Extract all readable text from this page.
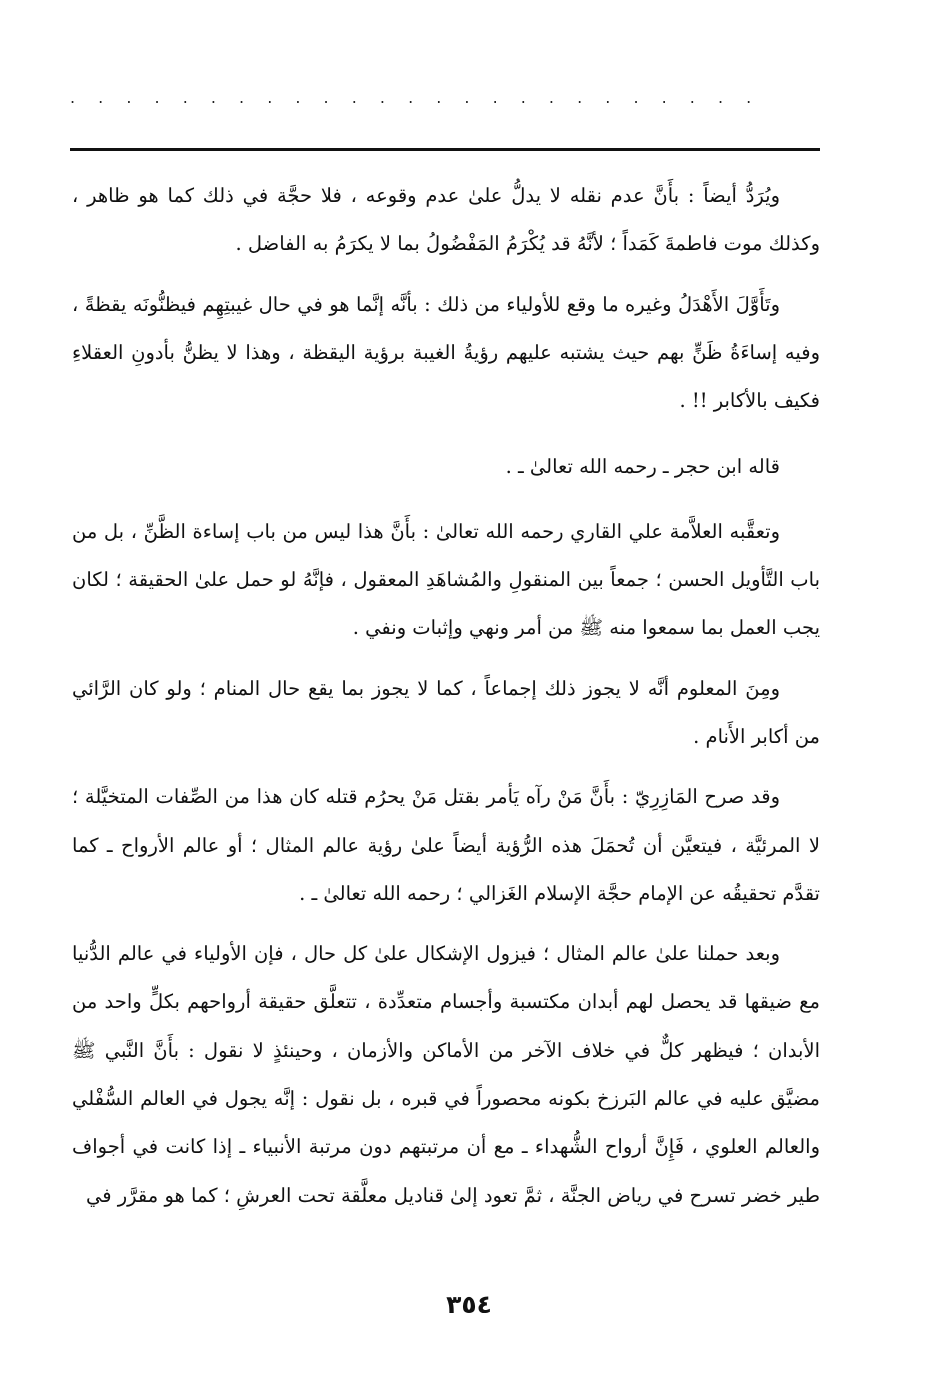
. . . . . . . . . . . . . . . . . . . . . . . . .

ويُرَدُّ أيضاً : بأَنَّ عدم نقله لا يدلُّ علىٰ عدم وقوعه ، فلا حجَّة في ذلك كما هو ظاهر ، وكذلك موت فاطمةَ كَمَداً ؛ لأنَّهُ قد يُكْرَمُ المَفْضُولُ بما لا يكرَمُ به الفاضل .

وتَأَوَّلَ الأَهْدَلُ وغيره ما وقع للأولياء من ذلك : بأنَّه إنَّما هو في حال غيبتِهِم فيظنُّونَه يقظةً ، وفيه إساءَةُ ظَنٍّ بهم حيث يشتبه عليهم رؤيةُ الغيبة برؤية اليقظة ، وهذا لا يظنُّ بأدونِ العقلاءِ فكيف بالأكابر !! .

قاله ابن حجر ـ رحمه الله تعالىٰ ـ .

وتعقَّبه العلاَّمة علي القاري رحمه الله تعالىٰ : بأَنَّ هذا ليس من باب إساءة الظَّنِّ ، بل من باب التَّأويل الحسن ؛ جمعاً بين المنقولِ والمُشاهَدِ المعقول ، فإنَّهُ لو حمل علىٰ الحقيقة ؛ لكان يجب العمل بما سمعوا منه ﷺ من أمر ونهي وإثبات ونفي .

ومِنَ المعلوم أنَّه لا يجوز ذلك إجماعاً ، كما لا يجوز بما يقع حال المنام ؛ ولو كان الرَّائي من أكابر الأَنام .

وقد صرح المَازِرِيّ : بأَنَّ مَنْ رآه يَأمر بقتل مَنْ يحرُم قتله كان هذا من الصِّفات المتخيَّلة ؛ لا المرئيَّة ، فيتعيَّن أن تُحمَلَ هذه الرُّؤية أيضاً علىٰ رؤية عالم المثال ؛ أو عالم الأرواح ـ كما تقدَّم تحقيقُه عن الإمام حجَّة الإسلام الغَزالي ؛ رحمه الله تعالىٰ ـ .

وبعد حملنا علىٰ عالم المثال ؛ فيزول الإشكال علىٰ كل حال ، فإن الأولياء في عالم الدُّنيا مع ضيقها قد يحصل لهم أبدان مكتسبة وأجسام متعدِّدة ، تتعلَّق حقيقة أرواحهم بكلٍّ واحد من الأبدان ؛ فيظهر كلٌّ في خلاف الآخر من الأماكن والأزمان ، وحينئذٍ لا نقول : بأَنَّ النَّبي ﷺ مضيَّق عليه في عالم البَرزخ بكونه محصوراً في قبره ، بل نقول : إنَّه يجول في العالم السُّفْلي والعالم العلوي ، فَإِنَّ أرواح الشُّهداء ـ مع أن مرتبتهم دون مرتبة الأنبياء ـ إذا كانت في أجواف طير خضر تسرح في رياض الجنَّة ، ثمَّ تعود إلىٰ قناديل معلَّقة تحت العرشِ ؛ كما هو مقرَّر في

٣٥٤
